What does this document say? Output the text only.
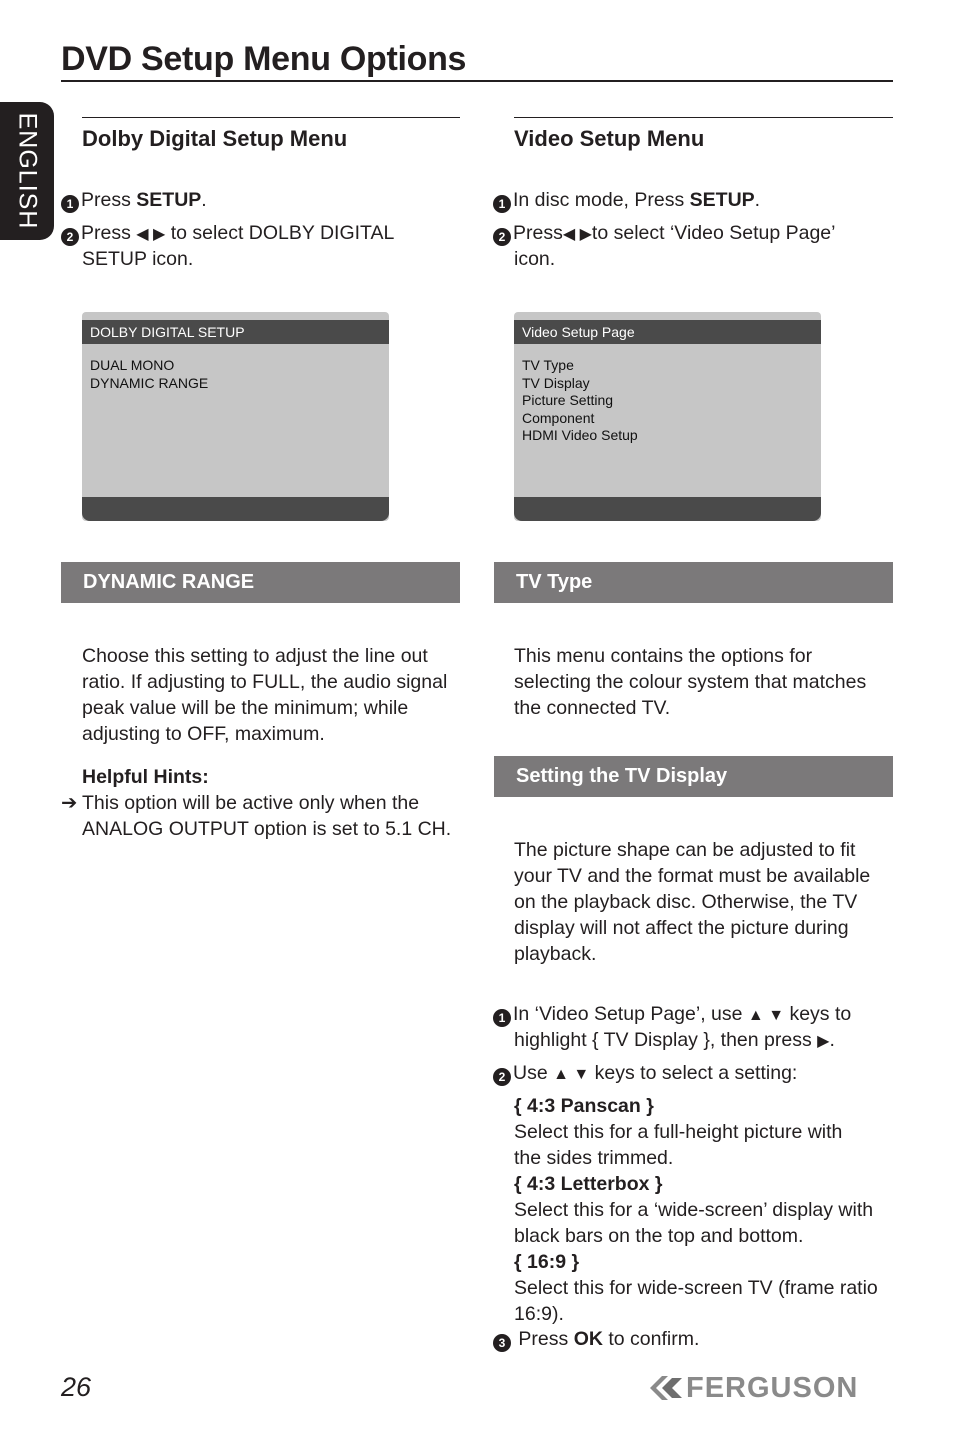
DVD Setup Menu Options
ENGLISH Dolby Digital Setup Menu
1 Press SETUP.
2 Press ◀ ▶ to select DOLBY DIGITAL
SETUP icon.
DOLBY DIGITAL SETUP
DUAL MONO
DYNAMIC RANGE
DYNAMIC RANGE
Choose this setting to adjust the line out
ratio. If adjusting to FULL, the audio signal
peak value will be the minimum; while
adjusting to OFF, maximum.
Helpful Hints:
➔ This option will be active only when the
ANALOG OUTPUT option is set to 5.1 CH.
Video Setup Menu
1 In disc mode, Press SETUP.
2 Press◀ ▶to select ‘Video Setup Page’
icon.
Video Setup Page
TV Type
TV Display
Picture Setting
Component
HDMI Video Setup
TV Type
This menu contains the options for
selecting the colour system that matches
the connected TV.
Setting the TV Display
The picture shape can be adjusted to fit
your TV and the format must be available
on the playback disc. Otherwise, the TV
display will not affect the picture during
playback.
1 In ‘Video Setup Page’, use ▲ ▼ keys to
highlight { TV Display }, then press ▶.
2 Use ▲ ▼ keys to select a setting:
{ 4:3 Panscan }
Select this for a full-height picture with
the sides trimmed.
{ 4:3 Letterbox }
Select this for a ‘wide-screen’ display with
black bars on the top and bottom.
{ 16:9 }
Select this for wide-screen TV (frame ratio
16:9).
3 Press OK to confirm.
26	FERGUSON
